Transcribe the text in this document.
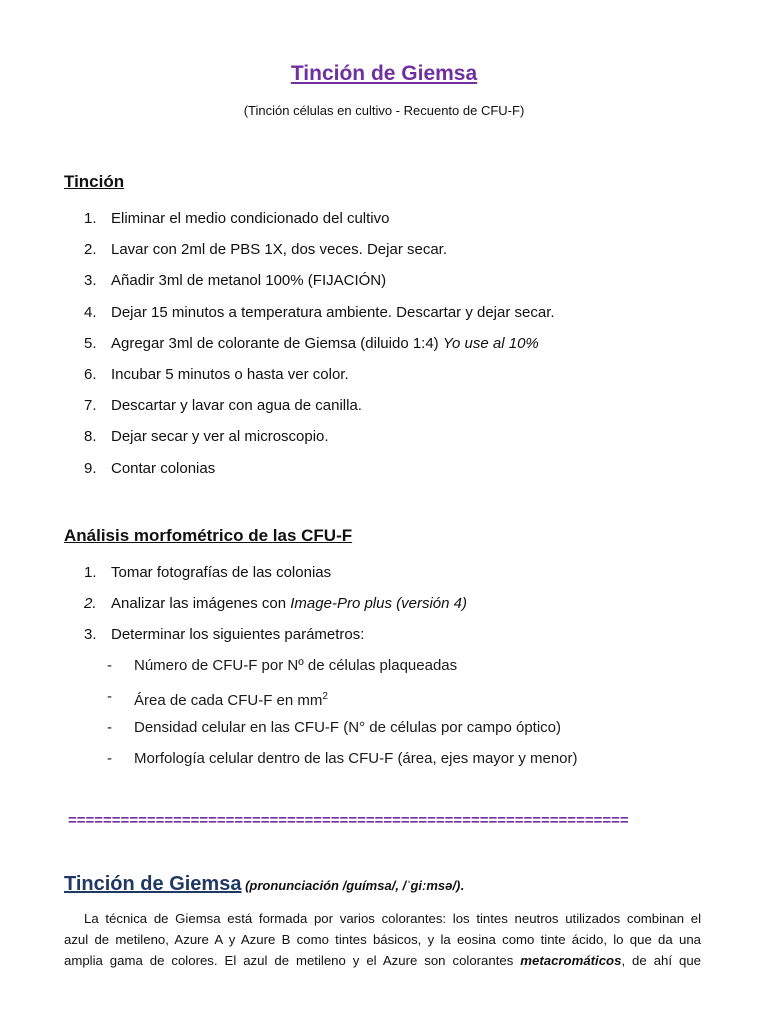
Tinción de Giemsa
(Tinción células en cultivo - Recuento de CFU-F)
Tinción
1. Eliminar el medio condicionado del cultivo
2. Lavar con 2ml de PBS 1X, dos veces. Dejar secar.
3. Añadir 3ml de metanol 100% (FIJACIÓN)
4. Dejar 15 minutos a temperatura ambiente. Descartar y dejar secar.
5. Agregar 3ml de colorante de Giemsa (diluido 1:4) Yo use al 10%
6. Incubar 5 minutos o hasta ver color.
7. Descartar y lavar con agua de canilla.
8. Dejar secar y ver al microscopio.
9. Contar colonias
Análisis morfométrico de las CFU-F
1. Tomar fotografías de las colonias
2. Analizar las imágenes con Image-Pro plus (versión 4)
3. Determinar los siguientes parámetros:
- Número de CFU-F por Nº de células plaqueadas
- Área de cada CFU-F en $mm^2$
- Densidad celular en las CFU-F (N° de células por campo óptico)
- Morfología celular dentro de las CFU-F (área, ejes mayor y menor)
================================================================
Tinción de Giemsa (pronunciación /guímsa/, /ˈɡiːmsə/).
La técnica de Giemsa está formada por varios colorantes: los tintes neutros utilizados combinan el
azul de metileno, Azure A y Azure B como tintes básicos, y la eosina como tinte ácido, lo que da una
amplia gama de colores. El azul de metileno y el Azure son colorantes metacromáticos, de ahí que
